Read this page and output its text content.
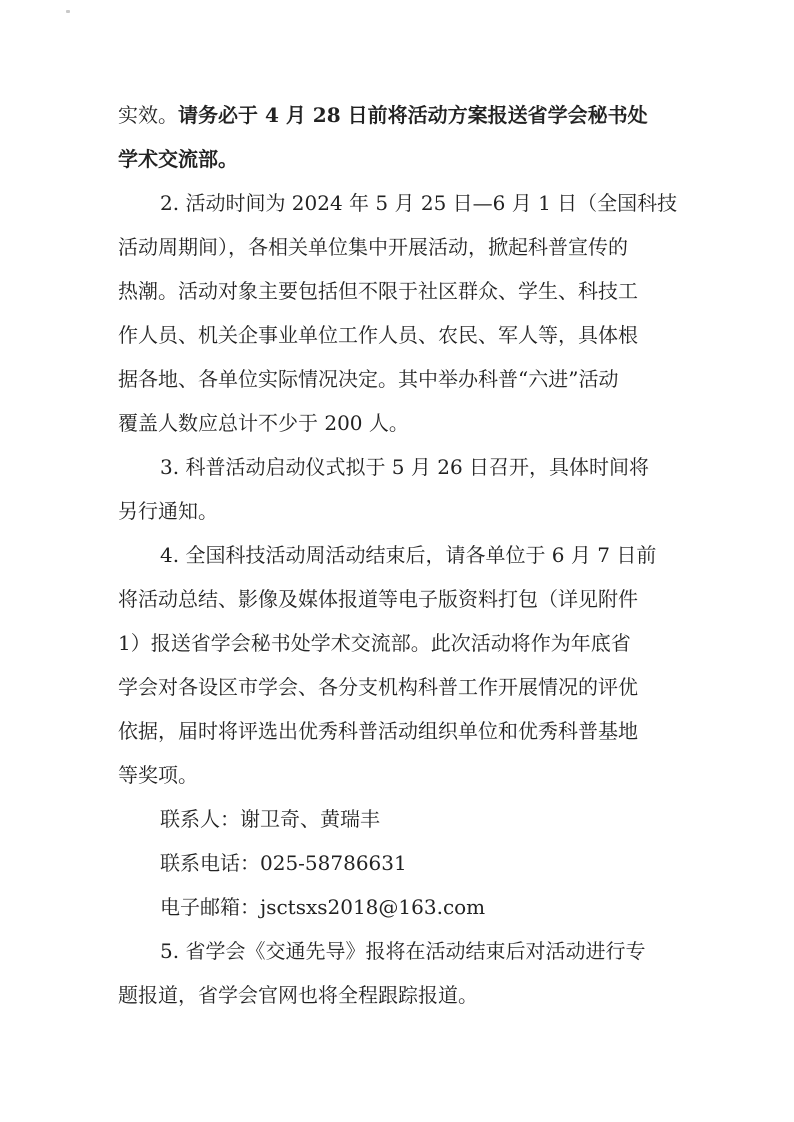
实效。请务必于 4 月 28 日前将活动方案报送省学会秘书处
学术交流部。
2. 活动时间为 2024 年 5 月 25 日—6 月 1 日（全国科技
活动周期间），各相关单位集中开展活动，掀起科普宣传的
热潮。活动对象主要包括但不限于社区群众、学生、科技工
作人员、机关企事业单位工作人员、农民、军人等，具体根
据各地、各单位实际情况决定。其中举办科普“六进”活动
覆盖人数应总计不少于 200 人。
3. 科普活动启动仪式拟于 5 月 26 日召开，具体时间将
另行通知。
4. 全国科技活动周活动结束后，请各单位于 6 月 7 日前
将活动总结、影像及媒体报道等电子版资料打包（详见附件
1）报送省学会秘书处学术交流部。此次活动将作为年底省
学会对各设区市学会、各分支机构科普工作开展情况的评优
依据，届时将评选出优秀科普活动组织单位和优秀科普基地
等奖项。
联系人：谢卫奇、黄瑞丰
联系电话：025-58786631
电子邮箱：jsctsxs2018@163.com
5. 省学会《交通先导》报将在活动结束后对活动进行专
题报道，省学会官网也将全程跟踪报道。
